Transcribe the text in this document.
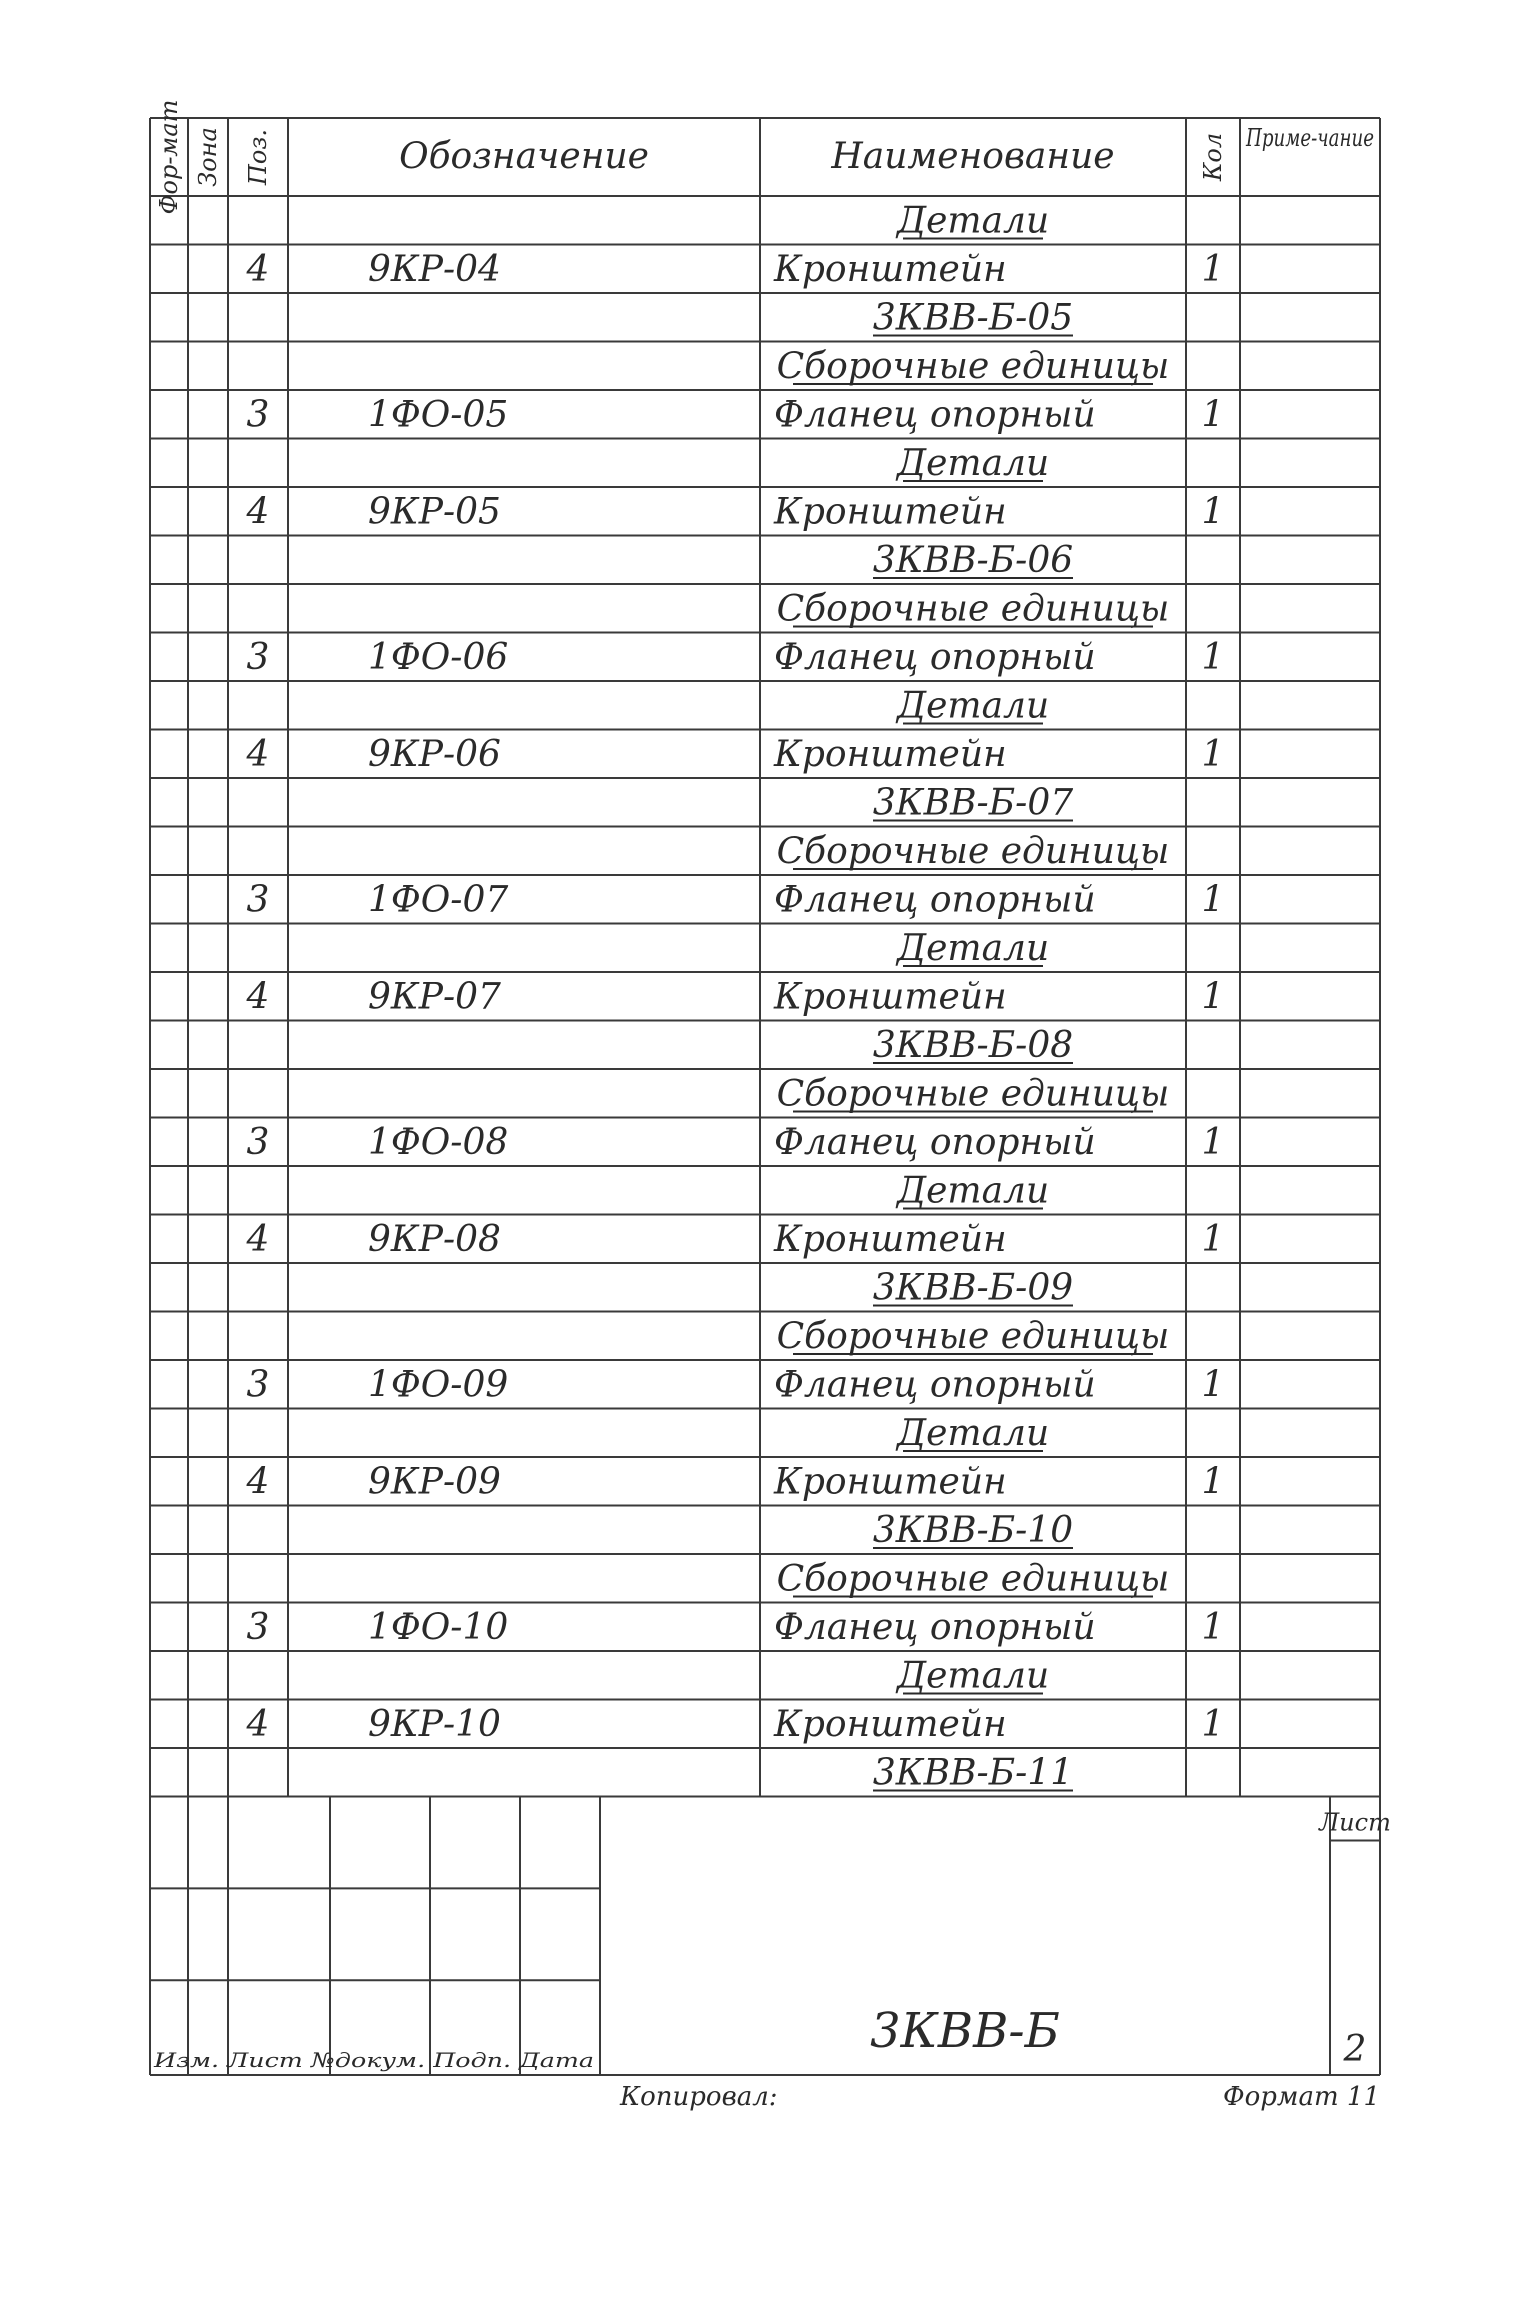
Фор-мат Зона Поз.	Обозначение	Наименование	Кол Приме-чание
Детали
4	9КР-04	Кронштейн	1
3КВВ-Б-05
Сборочные единицы
3	1ФО-05	Фланец опорный	1
Детали
4	9КР-05	Кронштейн	1
3КВВ-Б-06
Сборочные единицы
3	1ФО-06	Фланец опорный	1
Детали
4	9КР-06	Кронштейн	1
3КВВ-Б-07
Сборочные единицы
3	1ФО-07	Фланец опорный	1
Детали
4	9КР-07	Кронштейн	1
3КВВ-Б-08
Сборочные единицы
3	1ФО-08	Фланец опорный	1
Детали
4	9КР-08	Кронштейн	1
3КВВ-Б-09
Сборочные единицы
3	1ФО-09	Фланец опорный	1
Детали
4	9КР-09	Кронштейн	1
3КВВ-Б-10
Сборочные единицы
3	1ФО-10	Фланец опорный	1
Детали
4	9КР-10	Кронштейн	1
3КВВ-Б-11
3КВВ-Б
Лист
2
Изм. Лист №докум. Подп. Дата
Копировал:	Формат 11
